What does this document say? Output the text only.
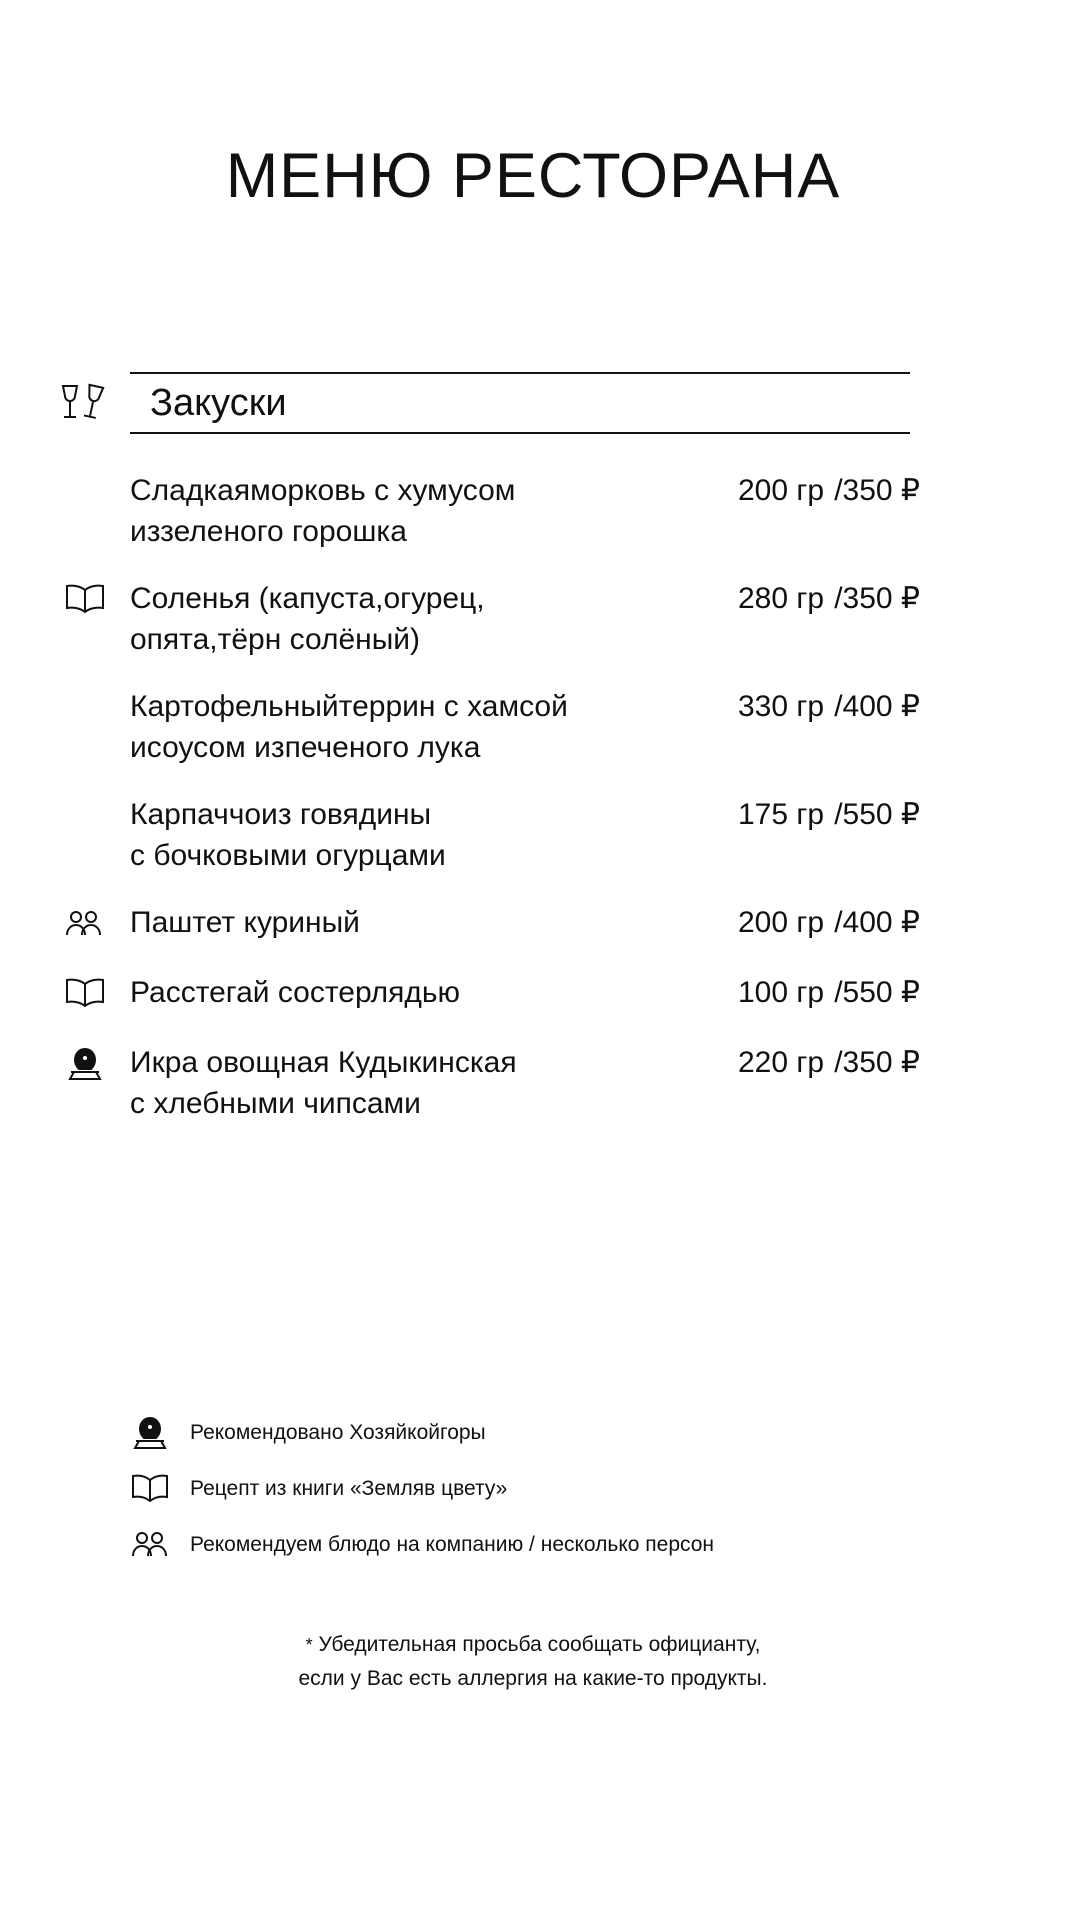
МЕНЮ РЕСТОРАНА
Закуски
Сладкаяморковь с хумусом
иззеленого горошка
200 гр /350 ₽
Соленья (капуста,огурец,
опята,тёрн солёный)
280 гр /350 ₽
Картофельныйтеррин с хамсой
исоусом изпеченого лука
330 гр /400 ₽
Карпаччоиз говядины
с бочковыми огурцами
175 гр /550 ₽
Паштет куриный	200 гр /400 ₽
Расстегай состерлядью	100 гр /550 ₽
Икра овощная Кудыкинская
с хлебными чипсами
220 гр /350 ₽
Рекомендовано Хозяйкойгоры
Рецепт из книги «Земляв цвету»
Рекомендуем блюдо на компанию / несколько персон
* Убедительная просьба сообщать официанту,
если у Вас есть аллергия на какие-то продукты.
